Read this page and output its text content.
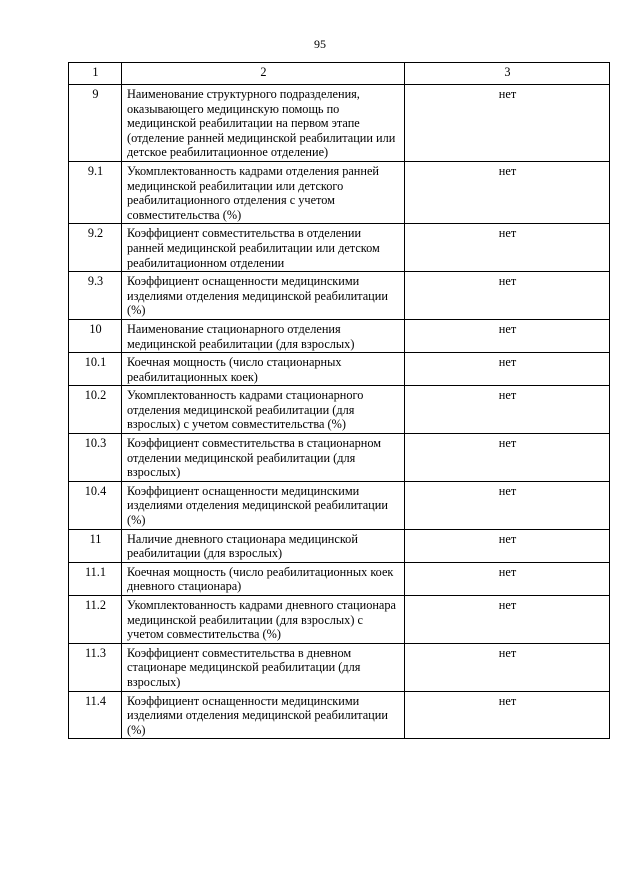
95
1	2	3
9	Наименование структурного подразделения, оказывающего медицинскую помощь по медицинской реабилитации на первом этапе (отделение ранней медицинской реабилитации или детское реабилитационное отделение)	нет
9.1	Укомплектованность кадрами отделения ранней медицинской реабилитации или детского реабилитационного отделения с учетом совместительства (%)	нет
9.2	Коэффициент совместительства в отделении ранней медицинской реабилитации или детском реабилитационном отделении	нет
9.3	Коэффициент оснащенности медицинскими изделиями отделения медицинской реабилитации (%)	нет
10	Наименование стационарного отделения медицинской реабилитации (для взрослых)	нет
10.1	Коечная мощность (число стационарных реабилитационных коек)	нет
10.2	Укомплектованность кадрами стационарного отделения медицинской реабилитации (для взрослых) с учетом совместительства (%)	нет
10.3	Коэффициент совместительства в стационарном отделении медицинской реабилитации (для взрослых)	нет
10.4	Коэффициент оснащенности медицинскими изделиями отделения медицинской реабилитации (%)	нет
11	Наличие дневного стационара медицинской реабилитации (для взрослых)	нет
11.1	Коечная мощность (число реабилитационных коек дневного стационара)	нет
11.2	Укомплектованность кадрами дневного стационара медицинской реабилитации (для взрослых) с учетом совместительства (%)	нет
11.3	Коэффициент совместительства в дневном стационаре медицинской реабилитации (для взрослых)	нет
11.4	Коэффициент оснащенности медицинскими изделиями отделения медицинской реабилитации (%)	нет
